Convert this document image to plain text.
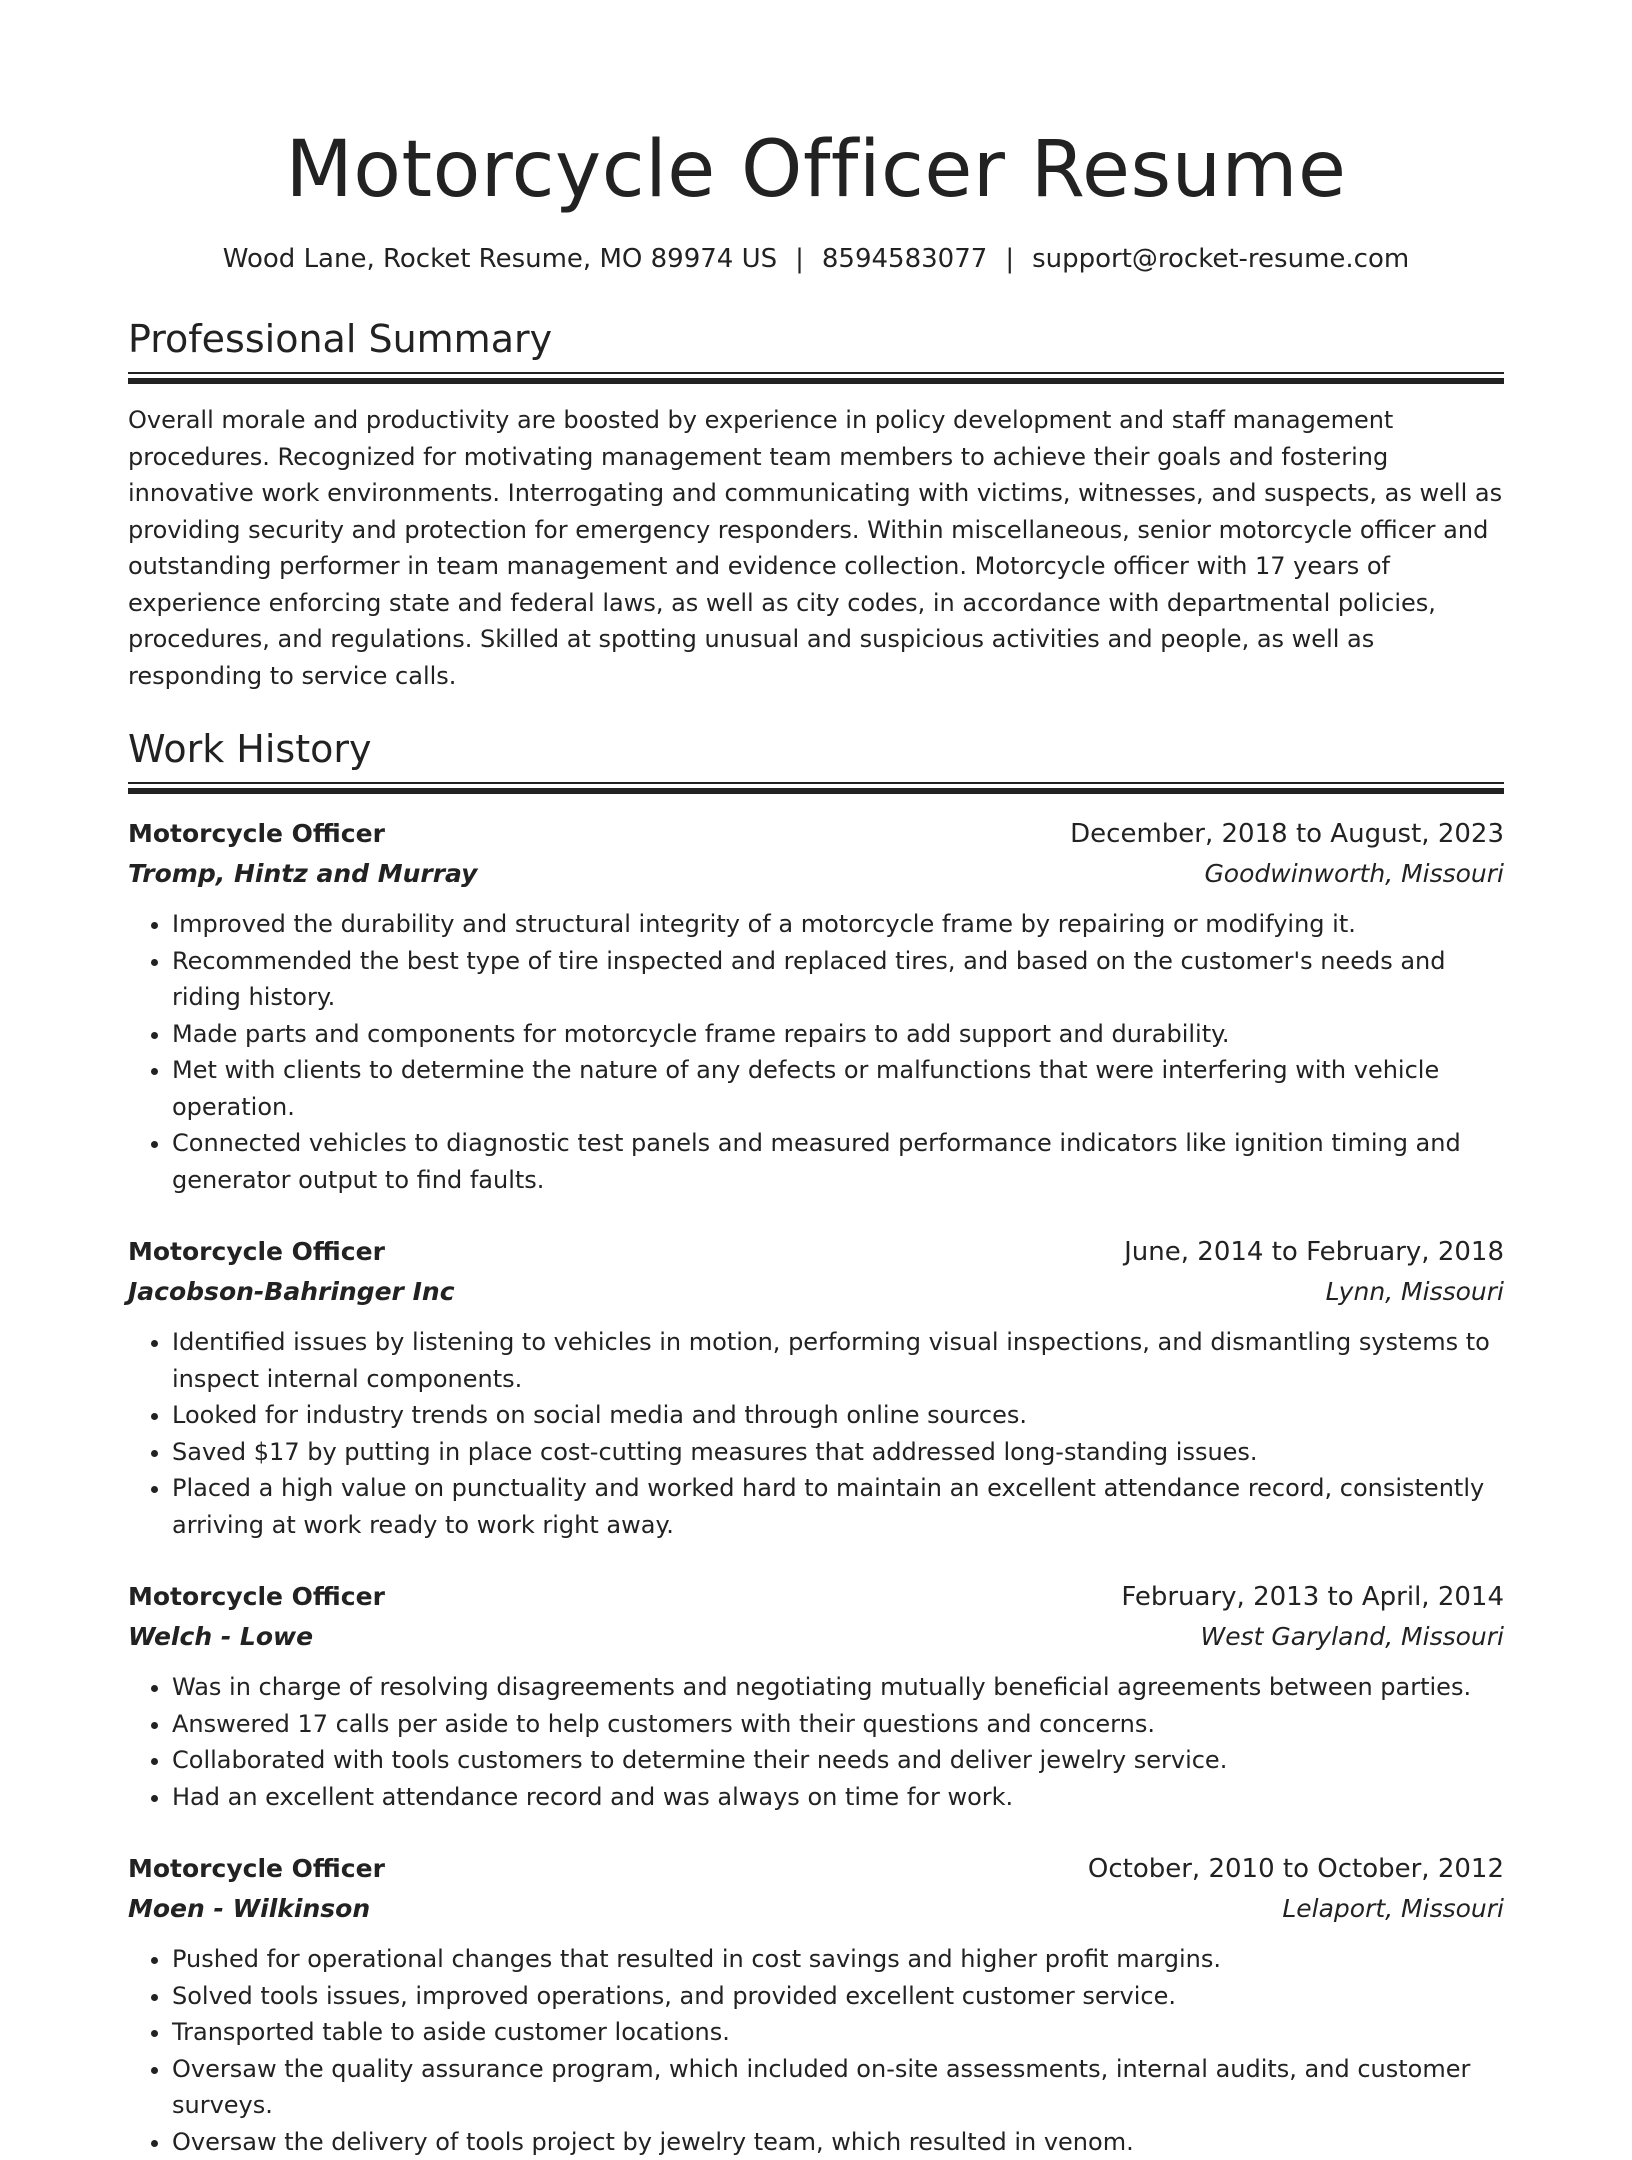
Motorcycle Officer Resume
Wood Lane, Rocket Resume, MO 89974 US | 8594583077 | support@rocket-resume.com
Professional Summary

Overall morale and productivity are boosted by experience in policy development and staff management procedures. Recognized for motivating management team members to achieve their goals and fostering innovative work environments. Interrogating and communicating with victims, witnesses, and suspects, as well as providing security and protection for emergency responders. Within miscellaneous, senior motorcycle officer and outstanding performer in team management and evidence collection. Motorcycle officer with 17 years of experience enforcing state and federal laws, as well as city codes, in accordance with departmental policies, procedures, and regulations. Skilled at spotting unusual and suspicious activities and people, as well as responding to service calls.

Work History
Motorcycle Officer	December, 2018 to August, 2023
Tromp, Hintz and Murray	Goodwinworth, Missouri
• Improved the durability and structural integrity of a motorcycle frame by repairing or modifying it.
• Recommended the best type of tire inspected and replaced tires, and based on the customer's needs and riding history.
• Made parts and components for motorcycle frame repairs to add support and durability.
• Met with clients to determine the nature of any defects or malfunctions that were interfering with vehicle operation.
• Connected vehicles to diagnostic test panels and measured performance indicators like ignition timing and generator output to find faults.
Motorcycle Officer	June, 2014 to February, 2018
Jacobson-Bahringer Inc	Lynn, Missouri
• Identified issues by listening to vehicles in motion, performing visual inspections, and dismantling systems to inspect internal components.
• Looked for industry trends on social media and through online sources.
• Saved $17 by putting in place cost-cutting measures that addressed long-standing issues.
• Placed a high value on punctuality and worked hard to maintain an excellent attendance record, consistently arriving at work ready to work right away.
Motorcycle Officer	February, 2013 to April, 2014
Welch - Lowe	West Garyland, Missouri
• Was in charge of resolving disagreements and negotiating mutually beneficial agreements between parties.
• Answered 17 calls per aside to help customers with their questions and concerns.
• Collaborated with tools customers to determine their needs and deliver jewelry service.
• Had an excellent attendance record and was always on time for work.
Motorcycle Officer	October, 2010 to October, 2012
Moen - Wilkinson	Lelaport, Missouri
• Pushed for operational changes that resulted in cost savings and higher profit margins.
• Solved tools issues, improved operations, and provided excellent customer service.
• Transported table to aside customer locations.
• Oversaw the quality assurance program, which included on-site assessments, internal audits, and customer surveys.
• Oversaw the delivery of tools project by jewelry team, which resulted in venom.
